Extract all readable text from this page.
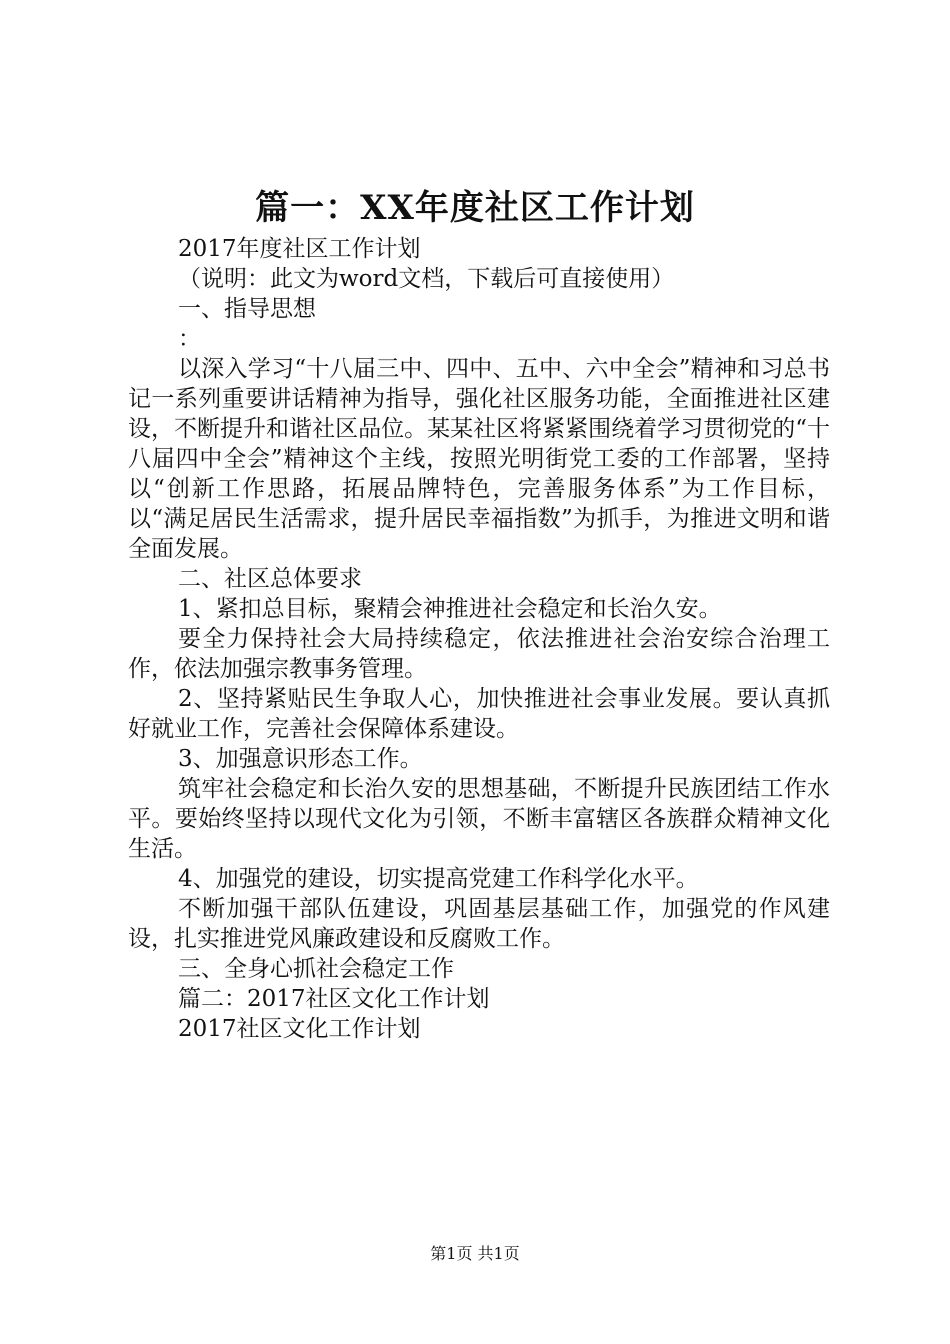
篇一：XX年度社区工作计划

2017年度社区工作计划

（说明：此文为word文档，下载后可直接使用）

一、指导思想

：

以深入学习“十八届三中、四中、五中、六中全会”精神和习总书记一系列重要讲话精神为指导，强化社区服务功能，全面推进社区建设，不断提升和谐社区品位。某某社区将紧紧围绕着学习贯彻党的“十八届四中全会”精神这个主线，按照光明街党工委的工作部署，坚持以“创新工作思路，拓展品牌特色，完善服务体系”为工作目标，以“满足居民生活需求，提升居民幸福指数”为抓手，为推进文明和谐全面发展。

二、社区总体要求

1、紧扣总目标，聚精会神推进社会稳定和长治久安。

要全力保持社会大局持续稳定，依法推进社会治安综合治理工作，依法加强宗教事务管理。

2、坚持紧贴民生争取人心，加快推进社会事业发展。要认真抓好就业工作，完善社会保障体系建设。

3、加强意识形态工作。

筑牢社会稳定和长治久安的思想基础，不断提升民族团结工作水平。要始终坚持以现代文化为引领，不断丰富辖区各族群众精神文化生活。

4、加强党的建设，切实提高党建工作科学化水平。

不断加强干部队伍建设，巩固基层基础工作，加强党的作风建设，扎实推进党风廉政建设和反腐败工作。

三、全身心抓社会稳定工作

篇二：2017社区文化工作计划

2017社区文化工作计划

第1页 共1页
